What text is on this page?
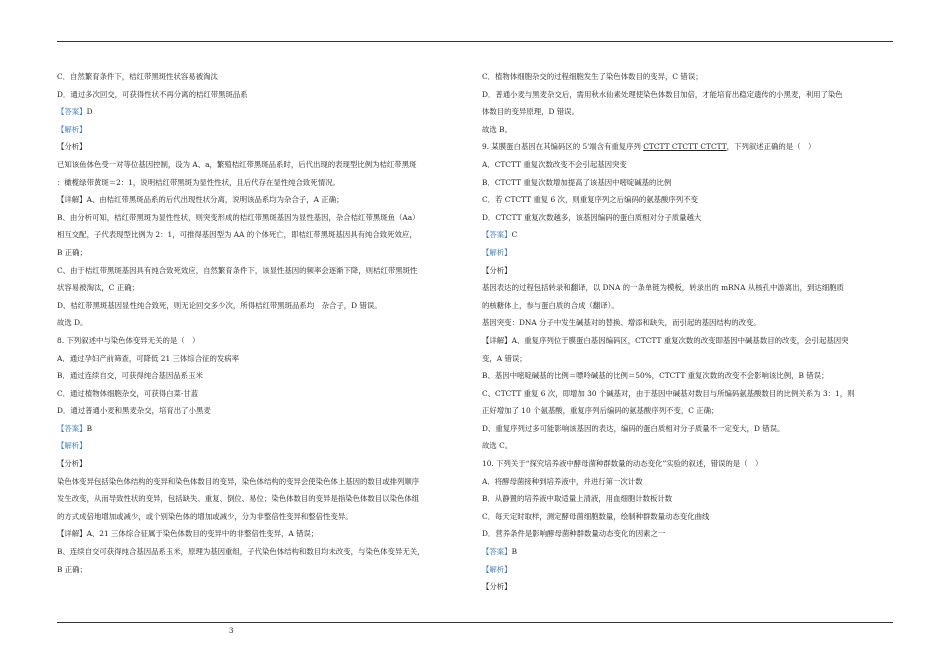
C．自然繁育条件下，桔红带黑斑性状容易被淘汰
D．通过多次回交，可获得性状不再分离的桔红带黑斑品系
【答案】D
【解析】
【分析】
已知该鱼体色受一对等位基因控制，设为 A、a，繁殖桔红带黑斑品系时，后代出现的表现型比例为桔红带黑斑
：橄榄绿带黄斑＝2：1，说明桔红带黑斑为显性性状，且后代存在显性纯合致死情况。
【详解】A、由桔红带黑斑品系的后代出现性状分离，说明该品系均为杂合子，A 正确；
B、由分析可知，桔红带黑斑为显性性状，则突变形成的桔红带黑斑基因为显性基因，杂合桔红带黑斑鱼（Aa）
相互交配，子代表现型比例为 2：1，可推得基因型为 AA 的个体死亡，即桔红带黑斑基因具有纯合致死效应，
B 正确；
C、由于桔红带黑斑基因具有纯合致死效应，自然繁育条件下，该显性基因的频率会逐渐下降，则桔红带黑斑性
状容易被淘汰，C 正确；
D、桔红带黑斑基因显性纯合致死，则无论回交多少次，所得桔红带黑斑品系均　杂合子，D 错误。
故选 D。
8. 下列叙述中与染色体变异无关的是（　）
A．通过孕妇产前筛查，可降低 21 三体综合征的发病率
B．通过连续自交，可获得纯合基因品系玉米
C．通过植物体细胞杂交，可获得白菜-甘蓝
D．通过普通小麦和黑麦杂交，培育出了小黑麦
【答案】B
【解析】
【分析】
染色体变异包括染色体结构的变异和染色体数目的变异，染色体结构的变异会使染色体上基因的数目或排列顺序
发生改变，从而导致性状的变异，包括缺失、重复、倒位、易位；染色体数目的变异是指染色体数目以染色体组
的方式成倍地增加或减少，或个别染色体的增加或减少，分为非整倍性变异和整倍性变异。
【详解】A、21 三体综合征属于染色体数目的变异中的非整倍性变异，A 错误；
B、连续自交可获得纯合基因品系玉米，原理为基因重组，子代染色体结构和数目均未改变，与染色体变异无关，
B 正确；
C．植物体细胞杂交的过程细胞发生了染色体数目的变异，C 错误；
D．普通小麦与黑麦杂交后，需用秋水仙素处理使染色体数目加倍，才能培育出稳定遗传的小黑麦，利用了染色
体数目的变异原理，D 错误。
故选 B。
9. 某膜蛋白基因在其编码区的 5'端含有重复序列 CTCTT CTCTT CTCTT，下列叙述正确的是（　）
A．CTCTT 重复次数改变不会引起基因突变
B．CTCTT 重复次数增加提高了该基因中嘧啶碱基的比例
C．若 CTCTT 重复 6 次，则重复序列之后编码的氨基酸序列不变
D．CTCTT 重复次数越多，该基因编码的蛋白质相对分子质量越大
【答案】C
【解析】
【分析】
基因表达的过程包括转录和翻译，以 DNA 的一条单链为模板，转录出的 mRNA 从核孔中游离出，到达细胞质
的核糖体上，参与蛋白质的合成（翻译）。
基因突变：DNA 分子中发生碱基对的替换、增添和缺失，而引起的基因结构的改变。
【详解】A、重复序列位于膜蛋白基因编码区，CTCTT 重复次数的改变即基因中碱基数目的改变，会引起基因突
变，A 错误；
B、基因中嘧啶碱基的比例＝嘌呤碱基的比例＝50%，CTCTT 重复次数的改变不会影响该比例，B 错误；
C、CTCTT 重复 6 次，即增加 30 个碱基对，由于基因中碱基对数目与所编码氨基酸数目的比例关系为 3：1，则
正好增加了 10 个氨基酸，重复序列后编码的氨基酸序列不变，C 正确；
D、重复序列过多可能影响该基因的表达，编码的蛋白质相对分子质量不一定变大，D 错误。
故选 C。
10. 下列关于“探究培养液中酵母菌种群数量的动态变化”实验的叙述，错误的是（　）
A．将酵母菌接种到培养液中，并进行第一次计数
B．从静置的培养液中取适量上清液，用血细胞计数板计数
C．每天定时取样，测定酵母菌细胞数量，绘制种群数量动态变化曲线
D．营养条件是影响酵母菌种群数量动态变化的因素之一
【答案】B
【解析】
【分析】
3
